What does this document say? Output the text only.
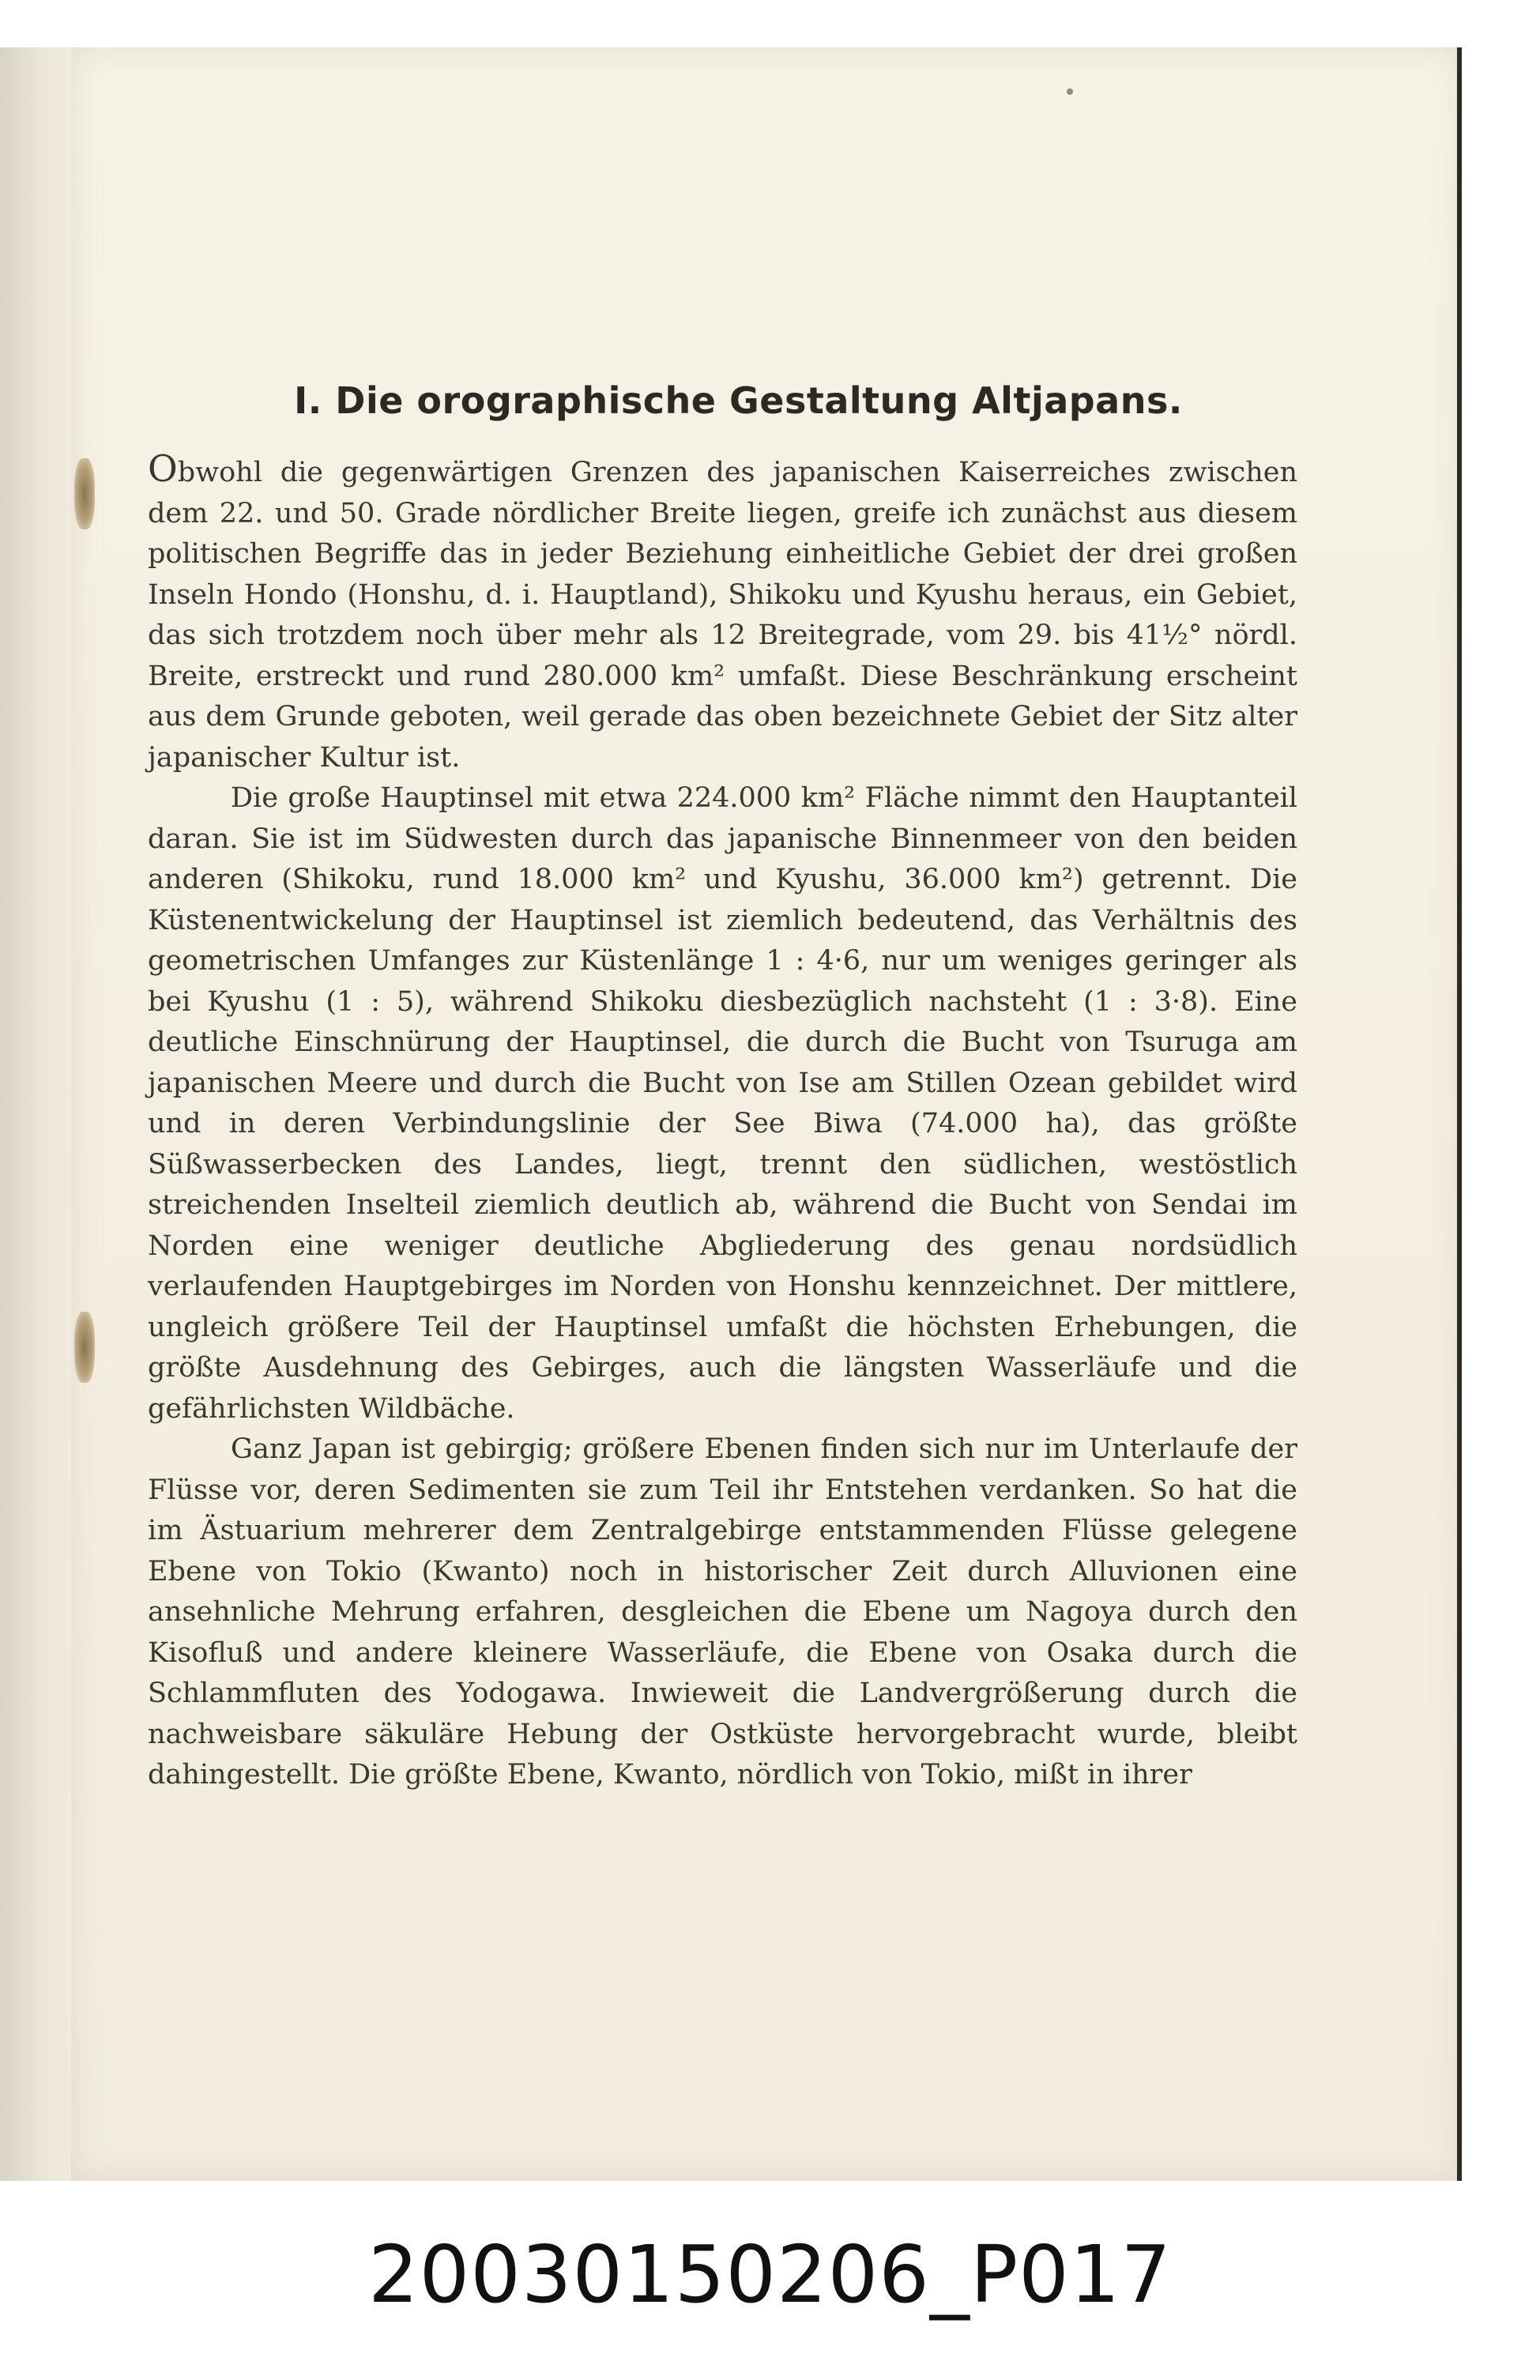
I. Die orographische Gestaltung Altjapans.

Obwohl die gegenwärtigen Grenzen des japanischen Kaiserreiches zwischen dem 22. und 50. Grade nördlicher Breite liegen, greife ich zunächst aus diesem politischen Begriffe das in jeder Beziehung einheitliche Gebiet der drei großen Inseln Hondo (Honshu, d. i. Hauptland), Shikoku und Kyushu heraus, ein Gebiet, das sich trotzdem noch über mehr als 12 Breitegrade, vom 29. bis 41½° nördl. Breite, erstreckt und rund 280.000 km² umfaßt. Diese Beschränkung erscheint aus dem Grunde geboten, weil gerade das oben bezeichnete Gebiet der Sitz alter japanischer Kultur ist.

Die große Hauptinsel mit etwa 224.000 km² Fläche nimmt den Hauptanteil daran. Sie ist im Südwesten durch das japanische Binnenmeer von den beiden anderen (Shikoku, rund 18.000 km² und Kyushu, 36.000 km²) getrennt. Die Küstenentwickelung der Hauptinsel ist ziemlich bedeutend, das Verhältnis des geometrischen Umfanges zur Küstenlänge 1 : 4·6, nur um weniges geringer als bei Kyushu (1 : 5), während Shikoku diesbezüglich nachsteht (1 : 3·8). Eine deutliche Einschnürung der Hauptinsel, die durch die Bucht von Tsuruga am japanischen Meere und durch die Bucht von Ise am Stillen Ozean gebildet wird und in deren Verbindungslinie der See Biwa (74.000 ha), das größte Süßwasserbecken des Landes, liegt, trennt den südlichen, westöstlich streichenden Inselteil ziemlich deutlich ab, während die Bucht von Sendai im Norden eine weniger deutliche Abgliederung des genau nordsüdlich verlaufenden Hauptgebirges im Norden von Honshu kennzeichnet. Der mittlere, ungleich größere Teil der Hauptinsel umfaßt die höchsten Erhebungen, die größte Ausdehnung des Gebirges, auch die längsten Wasserläufe und die gefährlichsten Wildbäche.

Ganz Japan ist gebirgig; größere Ebenen finden sich nur im Unterlaufe der Flüsse vor, deren Sedimenten sie zum Teil ihr Entstehen verdanken. So hat die im Ästuarium mehrerer dem Zentralgebirge entstammenden Flüsse gelegene Ebene von Tokio (Kwanto) noch in historischer Zeit durch Alluvionen eine ansehnliche Mehrung erfahren, desgleichen die Ebene um Nagoya durch den Kisofluß und andere kleinere Wasserläufe, die Ebene von Osaka durch die Schlammfluten des Yodogawa. Inwieweit die Landvergrößerung durch die nachweisbare säkuläre Hebung der Ostküste hervorgebracht wurde, bleibt dahingestellt. Die größte Ebene, Kwanto, nördlich von Tokio, mißt in ihrer

20030150206_P017
